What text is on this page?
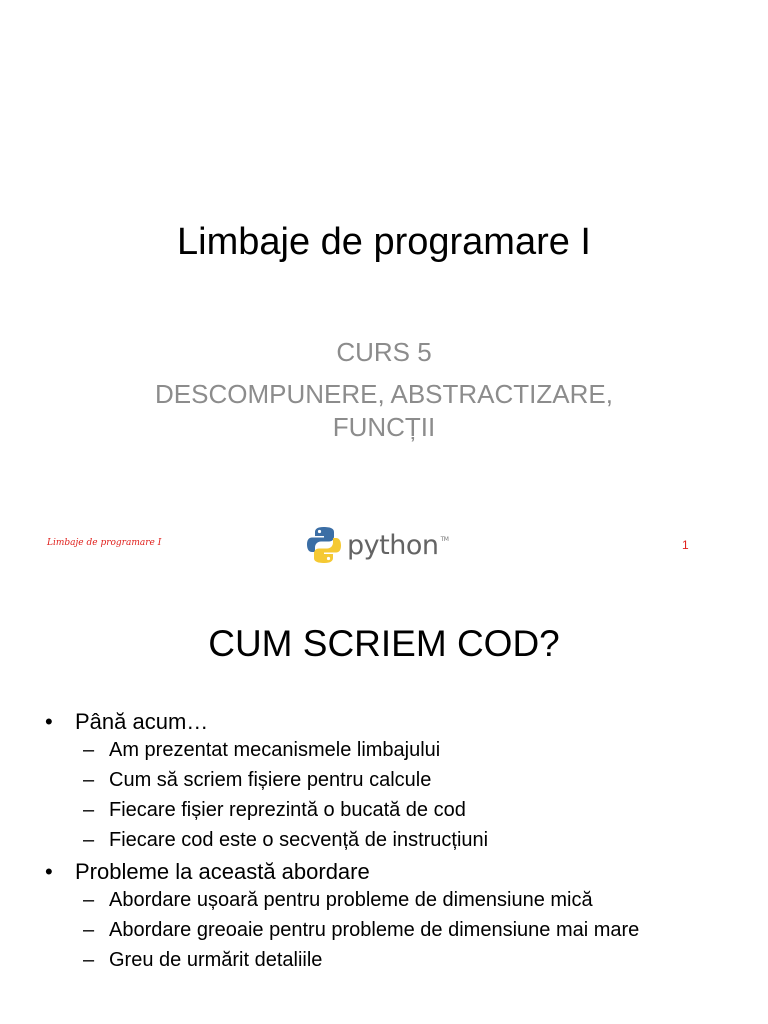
Limbaje de programare I

CURS 5

DESCOMPUNERE, ABSTRACTIZARE,

FUNCȚII

Limbaje de programare I	python TM	1
CUM SCRIEM COD?
• Până acum…
– Am prezentat mecanismele limbajului
– Cum să scriem fișiere pentru calcule
– Fiecare fișier reprezintă o bucată de cod
– Fiecare cod este o secvență de instrucțiuni
• Probleme la această abordare
– Abordare ușoară pentru probleme de dimensiune mică
– Abordare greoaie pentru probleme de dimensiune mai mare
– Greu de urmărit detaliile
